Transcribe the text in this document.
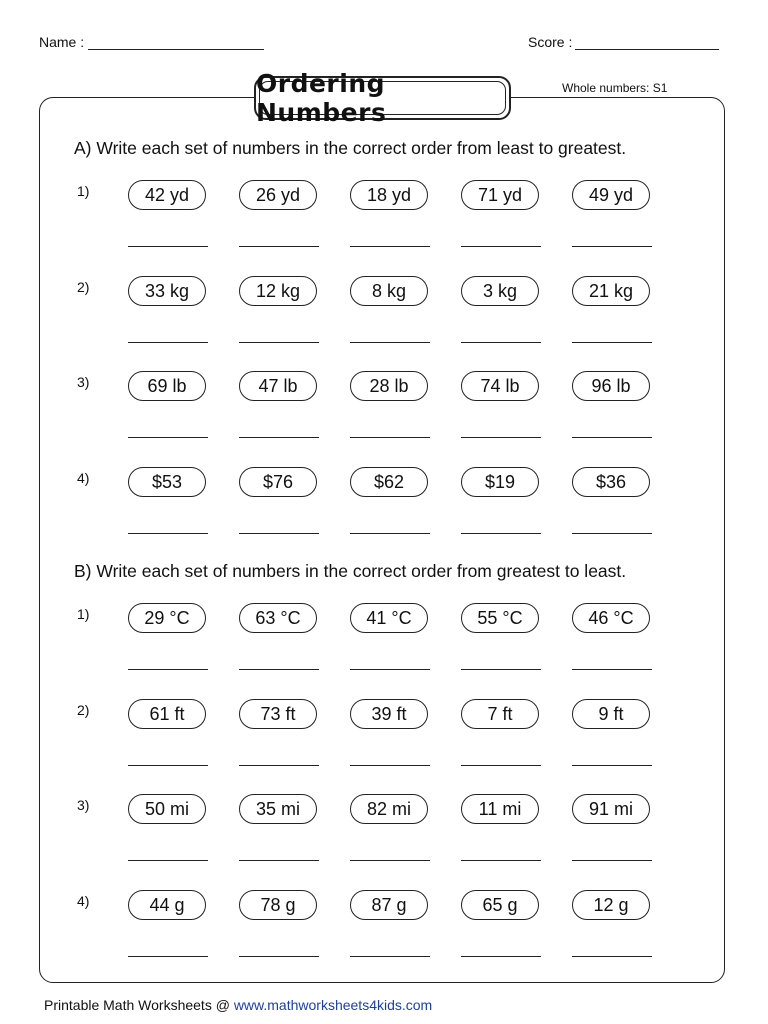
Name :	Score :
Ordering Numbers
Whole numbers: S1
A) Write each set of numbers in the correct order from least to greatest.
1)	42 yd	26 yd	18 yd	71 yd	49 yd
2)	33 kg	12 kg	8 kg	3 kg	21 kg
3)	69 lb	47 lb	28 lb	74 lb	96 lb
4)	$53	$76	$62	$19	$36
B) Write each set of numbers in the correct order from greatest to least.
1)	29 °C	63 °C	41 °C	55 °C	46 °C
2)	61 ft	73 ft	39 ft	7 ft	9 ft
3)	50 mi	35 mi	82 mi	11 mi	91 mi
4)	44 g	78 g	87 g	65 g	12 g
Printable Math Worksheets @ www.mathworksheets4kids.com
